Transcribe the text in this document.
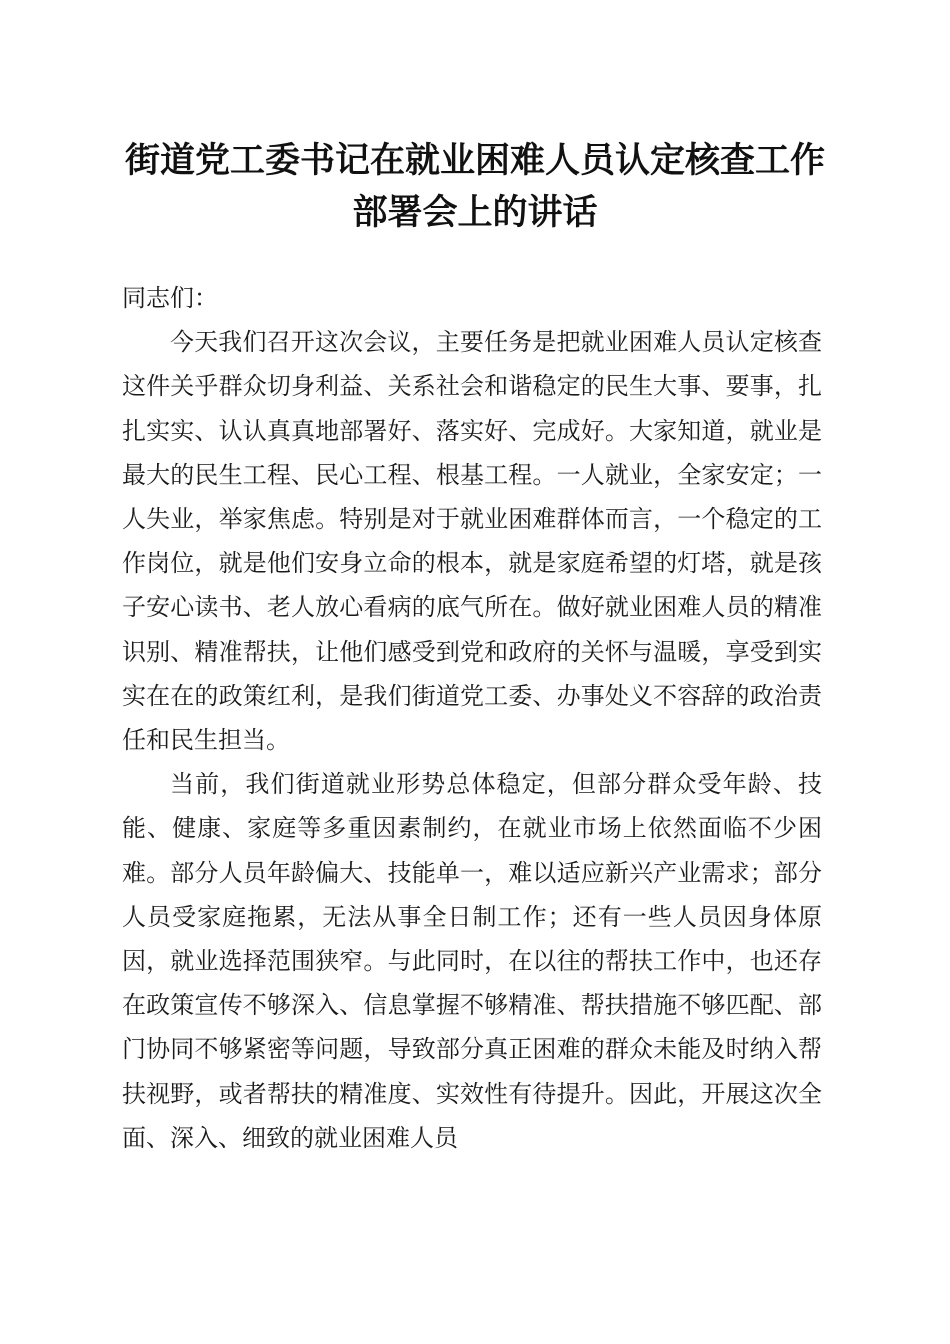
街道党工委书记在就业困难人员认定核查工作
部署会上的讲话

同志们：

今天我们召开这次会议，主要任务是把就业困难人员认定核查这件关乎群众切身利益、关系社会和谐稳定的民生大事、要事，扎扎实实、认认真真地部署好、落实好、完成好。大家知道，就业是最大的民生工程、民心工程、根基工程。一人就业，全家安定；一人失业，举家焦虑。特别是对于就业困难群体而言，一个稳定的工作岗位，就是他们安身立命的根本，就是家庭希望的灯塔，就是孩子安心读书、老人放心看病的底气所在。做好就业困难人员的精准识别、精准帮扶，让他们感受到党和政府的关怀与温暖，享受到实实在在的政策红利，是我们街道党工委、办事处义不容辞的政治责任和民生担当。

当前，我们街道就业形势总体稳定，但部分群众受年龄、技能、健康、家庭等多重因素制约，在就业市场上依然面临不少困难。部分人员年龄偏大、技能单一，难以适应新兴产业需求；部分人员受家庭拖累，无法从事全日制工作；还有一些人员因身体原因，就业选择范围狭窄。与此同时，在以往的帮扶工作中，也还存在政策宣传不够深入、信息掌握不够精准、帮扶措施不够匹配、部门协同不够紧密等问题，导致部分真正困难的群众未能及时纳入帮扶视野，或者帮扶的精准度、实效性有待提升。因此，开展这次全面、深入、细致的就业困难人员
